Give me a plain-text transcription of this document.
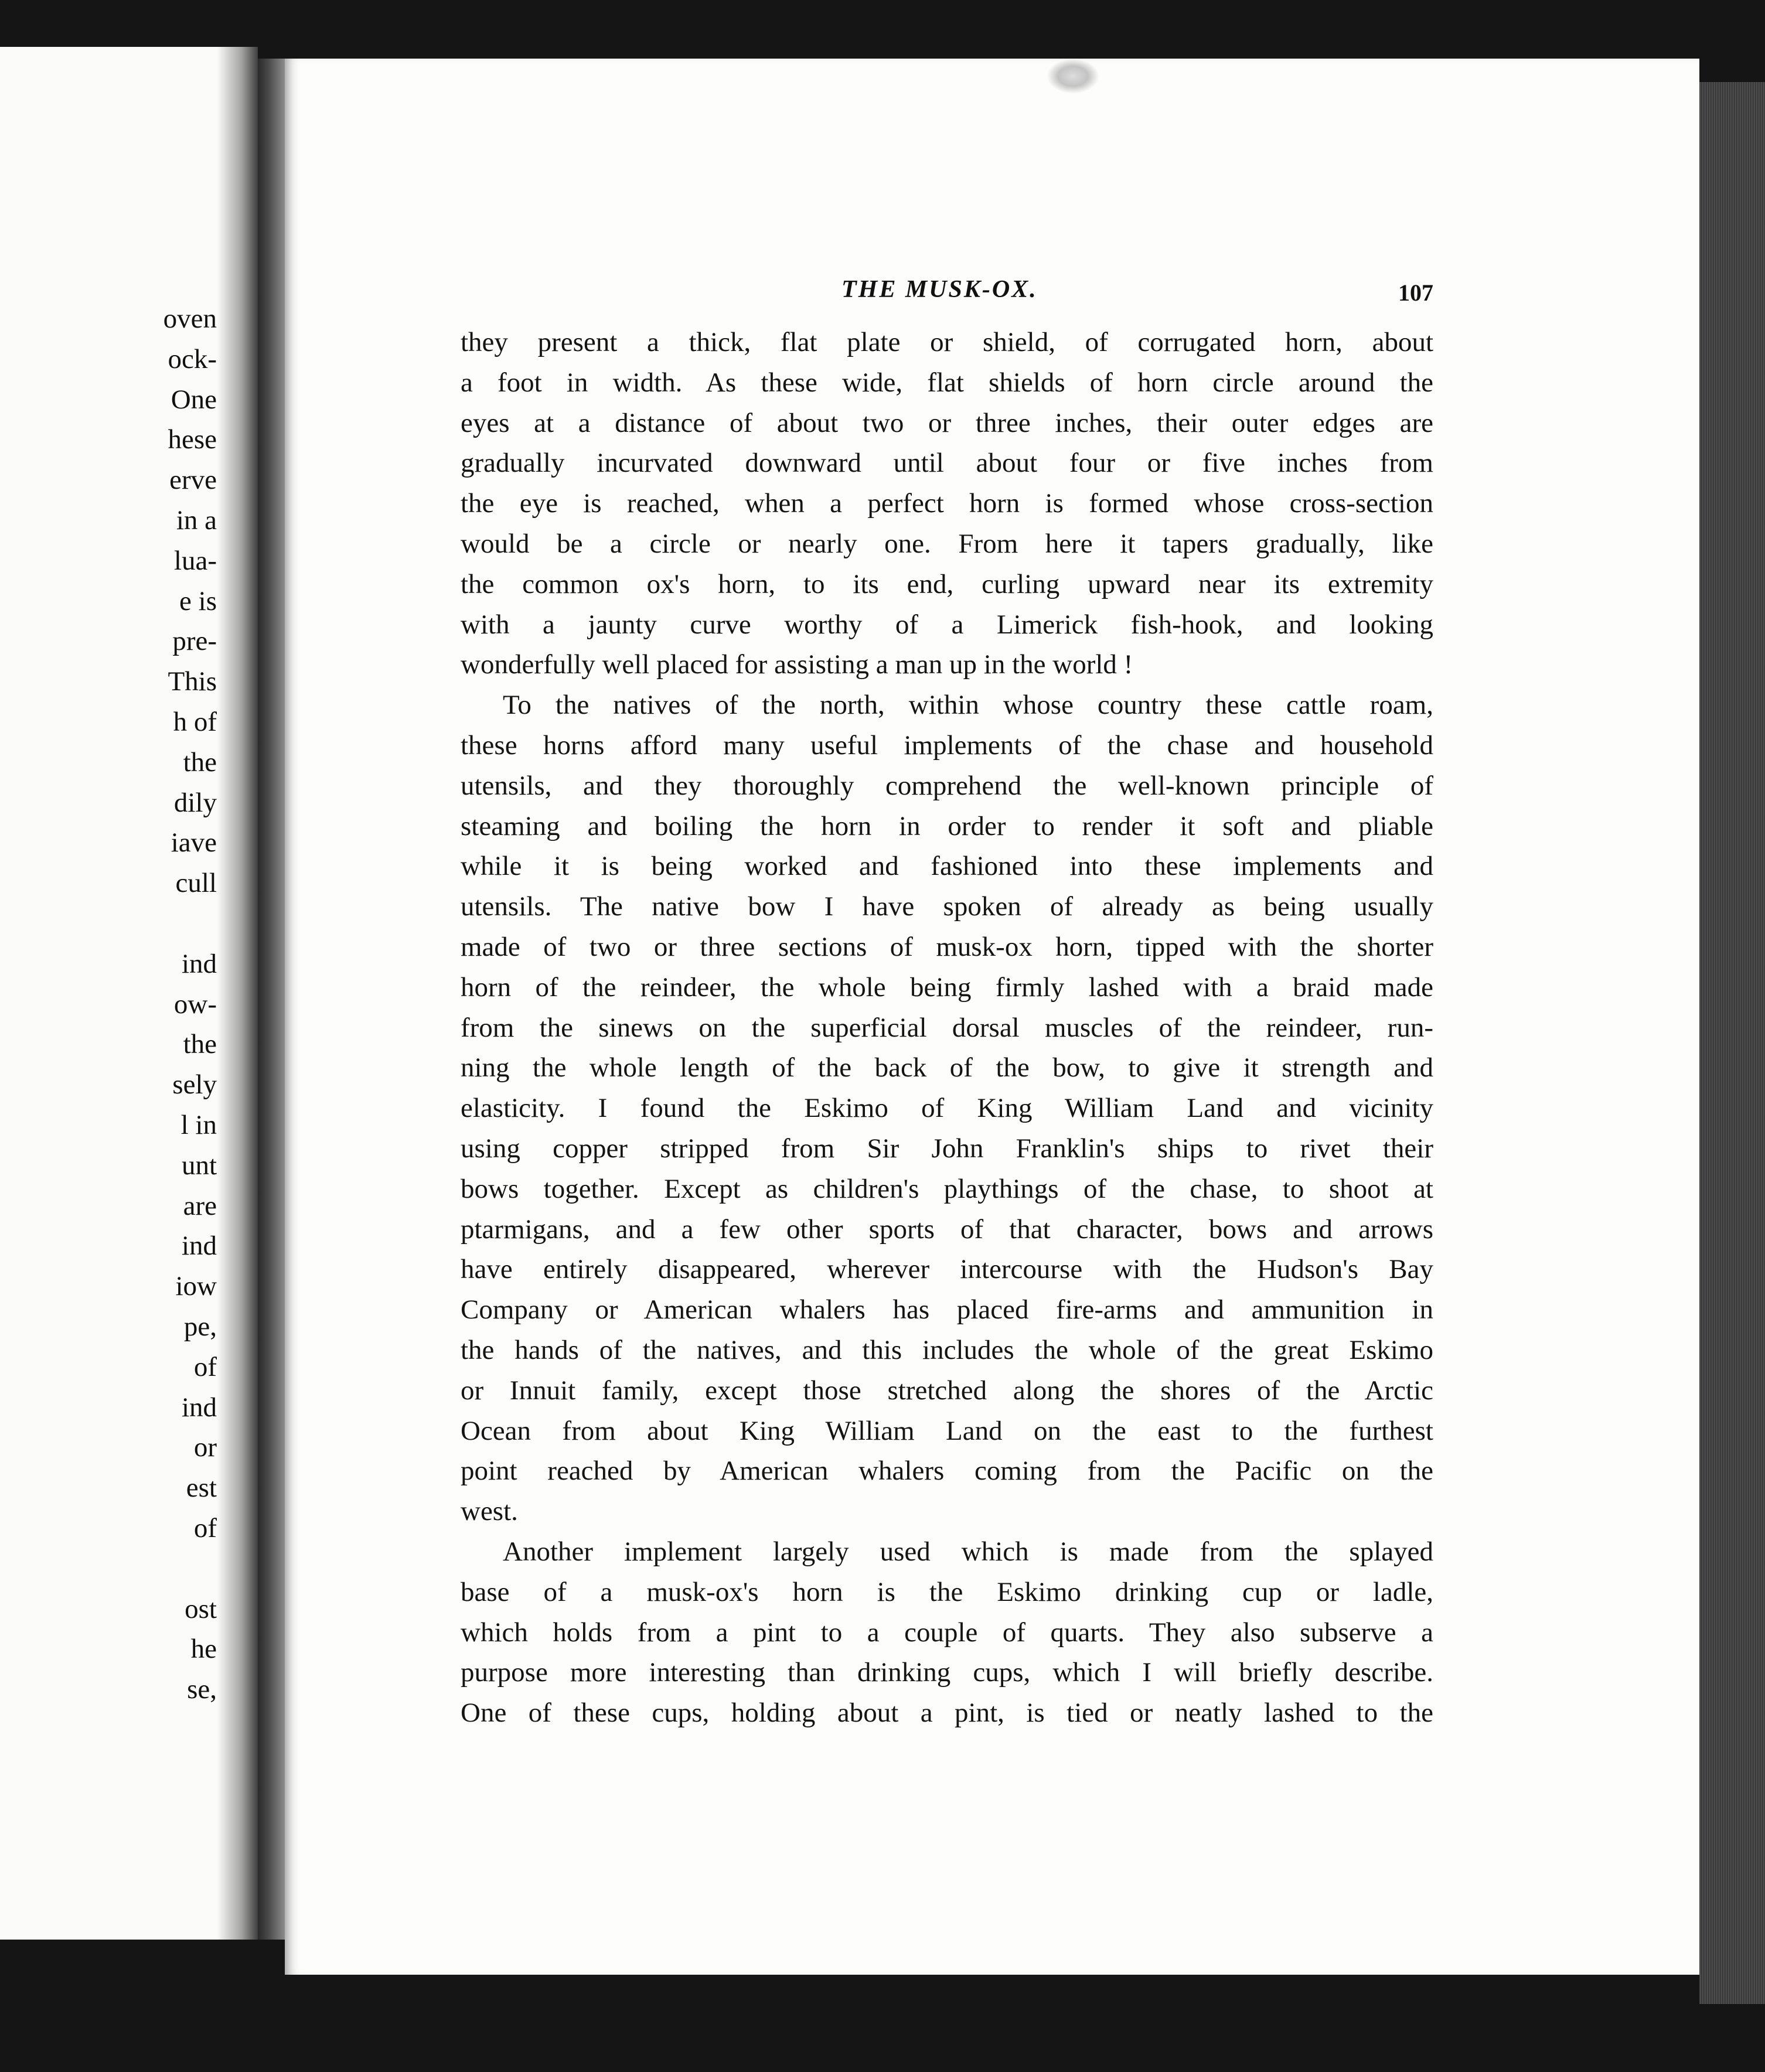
oven
ock-
One
hese
erve
in a
lua-
e is
pre-
This
h of
the
dily
iave
cull
ind
ow-
the
sely
l in
unt
are
ind
iow
pe,
of
ind
or
est
of
ost
he
se,
THE MUSK-OX.	107
they present a thick, flat plate or shield, of corrugated horn, about
a foot in width. As these wide, flat shields of horn circle around the
eyes at a distance of about two or three inches, their outer edges are
gradually incurvated downward until about four or five inches from
the eye is reached, when a perfect horn is formed whose cross-section
would be a circle or nearly one. From here it tapers gradually, like
the common ox's horn, to its end, curling upward near its extremity
with a jaunty curve worthy of a Limerick fish-hook, and looking
wonderfully well placed for assisting a man up in the world !
To the natives of the north, within whose country these cattle roam,
these horns afford many useful implements of the chase and household
utensils, and they thoroughly comprehend the well-known principle of
steaming and boiling the horn in order to render it soft and pliable
while it is being worked and fashioned into these implements and
utensils. The native bow I have spoken of already as being usually
made of two or three sections of musk-ox horn, tipped with the shorter
horn of the reindeer, the whole being firmly lashed with a braid made
from the sinews on the superficial dorsal muscles of the reindeer, run-
ning the whole length of the back of the bow, to give it strength and
elasticity. I found the Eskimo of King William Land and vicinity
using copper stripped from Sir John Franklin's ships to rivet their
bows together. Except as children's playthings of the chase, to shoot at
ptarmigans, and a few other sports of that character, bows and arrows
have entirely disappeared, wherever intercourse with the Hudson's Bay
Company or American whalers has placed fire-arms and ammunition in
the hands of the natives, and this includes the whole of the great Eskimo
or Innuit family, except those stretched along the shores of the Arctic
Ocean from about King William Land on the east to the furthest
point reached by American whalers coming from the Pacific on the
west.
Another implement largely used which is made from the splayed
base of a musk-ox's horn is the Eskimo drinking cup or ladle,
which holds from a pint to a couple of quarts. They also subserve a
purpose more interesting than drinking cups, which I will briefly describe.
One of these cups, holding about a pint, is tied or neatly lashed to the
